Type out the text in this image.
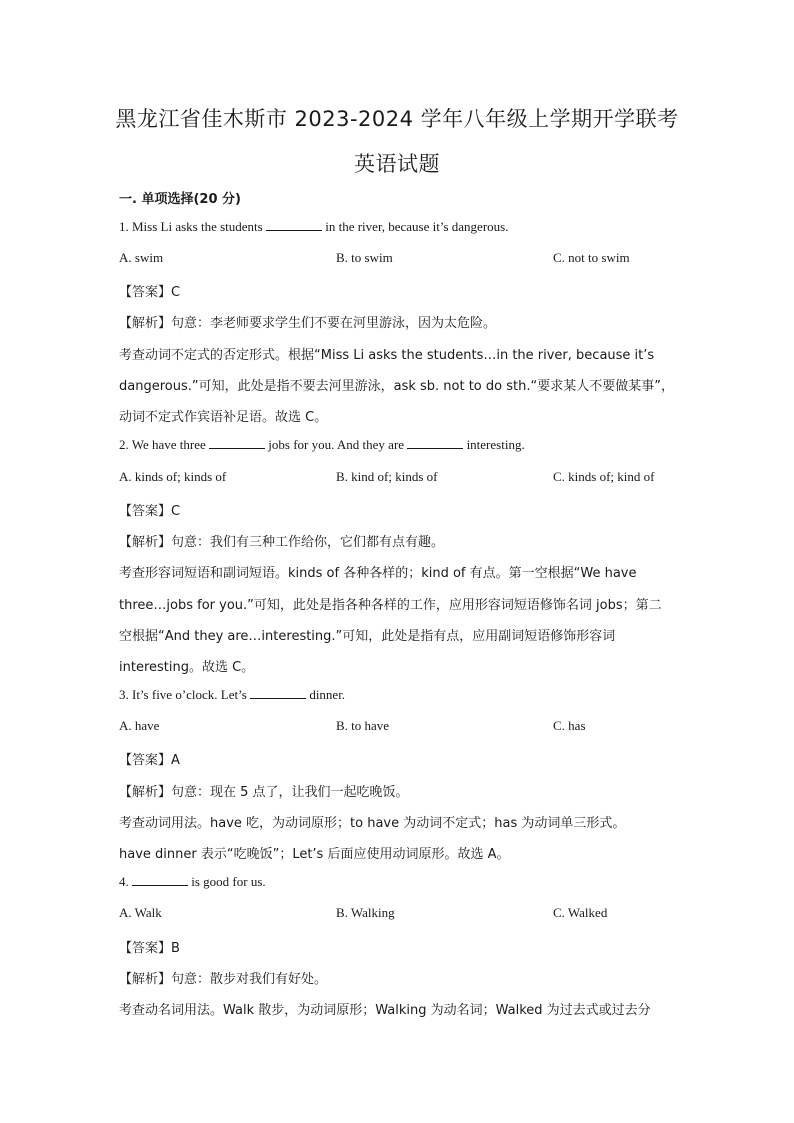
黑龙江省佳木斯市 2023-2024 学年八年级上学期开学联考
英语试题
一. 单项选择(20 分)
1. Miss Li asks the students	in the river, because it’s dangerous.
A. swim	B. to swim	C. not to swim
【答案】C
【解析】句意：李老师要求学生们不要在河里游泳，因为太危险。
考查动词不定式的否定形式。根据“Miss Li asks the students…in the river, because it’s
dangerous.”可知，此处是指不要去河里游泳，ask sb. not to do sth.“要求某人不要做某事”，
动词不定式作宾语补足语。故选 C。
2. We have three	jobs for you. And they are	interesting.
A. kinds of; kinds of	B. kind of; kinds of	C. kinds of; kind of
【答案】C
【解析】句意：我们有三种工作给你，它们都有点有趣。
考查形容词短语和副词短语。kinds of 各种各样的；kind of 有点。第一空根据“We have
three…jobs for you.”可知，此处是指各种各样的工作，应用形容词短语修饰名词 jobs；第二
空根据“And they are…interesting.”可知，此处是指有点，应用副词短语修饰形容词
interesting。故选 C。
3. It’s five o’clock. Let’s	dinner.
A. have	B. to have	C. has
【答案】A
【解析】句意：现在 5 点了，让我们一起吃晚饭。
考查动词用法。have 吃，为动词原形；to have 为动词不定式；has 为动词单三形式。
have dinner 表示“吃晚饭”；Let’s 后面应使用动词原形。故选 A。
4.	is good for us.
A. Walk	B. Walking	C. Walked
【答案】B
【解析】句意：散步对我们有好处。
考查动名词用法。Walk 散步，为动词原形；Walking 为动名词；Walked 为过去式或过去分
